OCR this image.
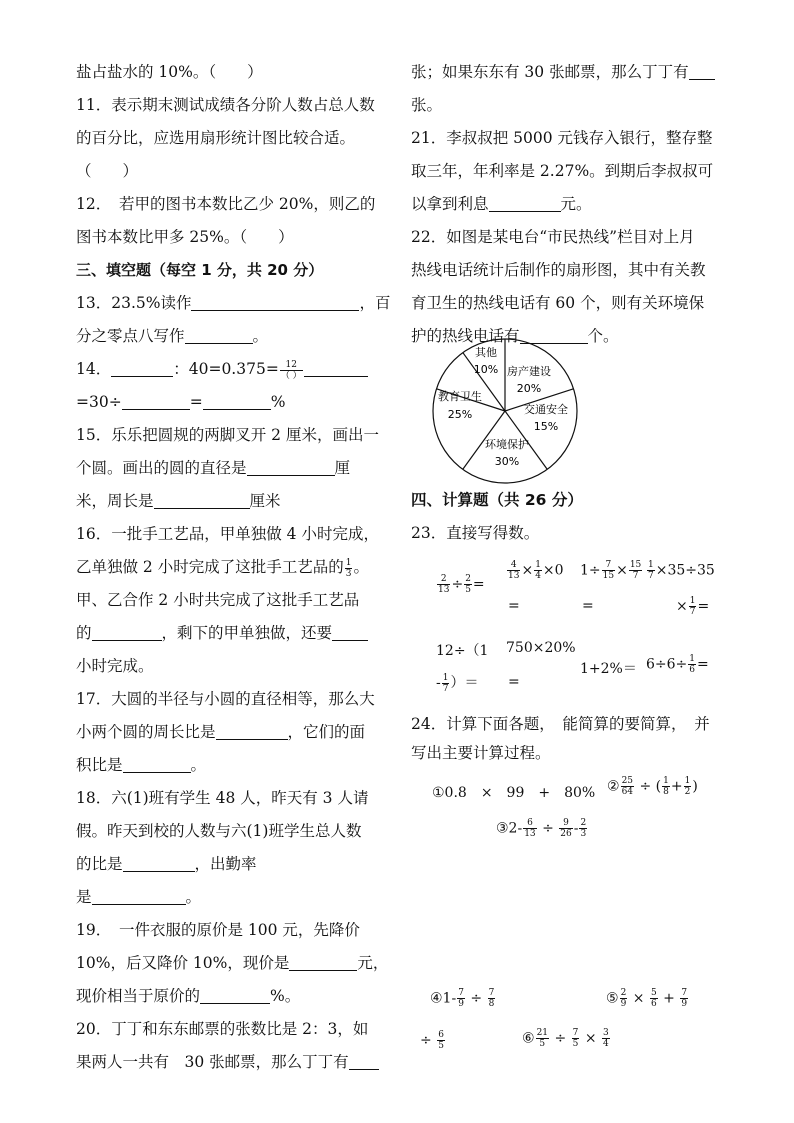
盐占盐水的 10%。（　　）
11．表示期末测试成绩各分阶人数占总人数
的百分比，应选用扇形统计图比较合适。
（　　）
12．　若甲的图书本数比乙少 20%，则乙的
图书本数比甲多 25%。（　　）
三、填空题（每空 1 分，共 20 分）
13．23.5%读作	，百
分之零点八写作	。
14．	：$40=0.375= \frac{12}{( )}$
=30÷	=	%
15．乐乐把圆规的两脚叉开 2 厘米，画出一
个圆。画出的圆的直径是	厘
米，周长是	厘米
16．一批手工艺品，甲单独做 4 小时完成，
乙单独做 2 小时完成了这批手工艺品的 $\frac{1}{3}$ 。
甲、乙合作 2 小时共完成了这批手工艺品
的	，剩下的甲单独做，还要
小时完成。
17．大圆的半径与小圆的直径相等，那么大
小两个圆的周长比是	，它们的面
积比是	。
18．六(1)班有学生 48 人，昨天有 3 人请
假。昨天到校的人数与六(1)班学生总人数
的比是	，出勤率
是	。
19．　一件衣服的原价是 100 元，先降价
10%，后又降价 10%，现价是	元，
现价相当于原价的	%。
20．丁丁和东东邮票的张数比是 2：3，如
果两人一共有　30 张邮票，那么丁丁有
张；如果东东有 30 张邮票，那么丁丁有
张。
21．李叔叔把 5000 元钱存入银行，整存整
取三年，年利率是 2.27%。到期后李叔叔可
以拿到利息	元。
22．如图是某电台“市民热线”栏目对上月
热线电话统计后制作的扇形图，其中有关教
育卫生的热线电话有 60 个，则有关环境保
护的热线电话有	个。
其他
10% 房产建设
20%
交通安全
15%
环境保护
30%
教育卫生
25%
四、计算题（共 26 分）
23．直接写得数。
$\frac{2}{13} \div \frac{2}{5}$ =
$\frac{4}{13} \times \frac{1}{4} \times 0$
=
$1\div \frac{7}{15} \times \frac{15}{7}$
=
$\frac{1}{7} \times 35\div 35$
× $\frac{1}{7}$ =
12÷（1
- $\frac{1}{7}$ ）＝
750×20%
=
$1+2\%= 6\div 6\div \frac{1}{6}$ =
24．计算下面各题，　能简算的要简算，　并
写出主要计算过程。
①0.8　×　99　+　80% ② $\frac{25}{64}$ ÷ ( $\frac{1}{8} + \frac{1}{2}$ )
③2- $\frac{6}{13} \div \frac{9}{26} - \frac{2}{3}$
④1- $\frac{7}{9} \div \frac{7}{8}$	⑤ $\frac{2}{9} \times \frac{5}{6} + \frac{7}{9}$
÷ $\frac{6}{5}$	⑥ $\frac{21}{5} \div \frac{7}{5} \times \frac{3}{4}$
